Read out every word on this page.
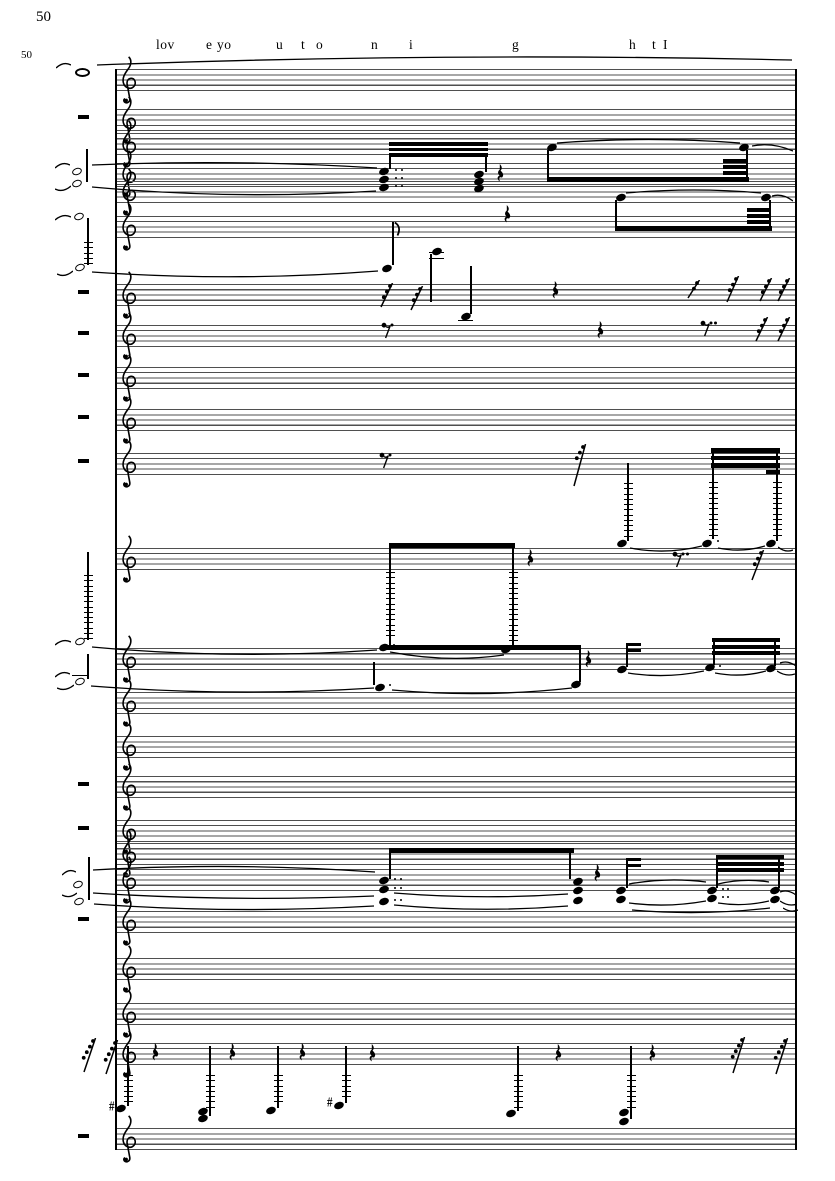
50
50
lov e yo	u t o	n i	g	h t I
#	#
